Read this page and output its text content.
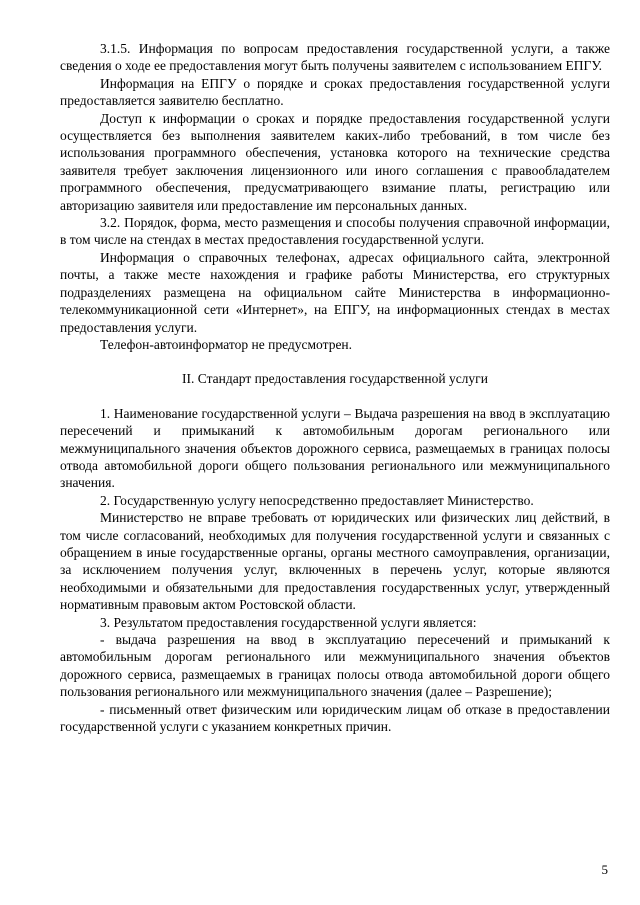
3.1.5. Информация по вопросам предоставления государственной услуги, а также сведения о ходе ее предоставления могут быть получены заявителем с использованием ЕПГУ.

Информация на ЕПГУ о порядке и сроках предоставления государственной услуги предоставляется заявителю бесплатно.

Доступ к информации о сроках и порядке предоставления государственной услуги осуществляется без выполнения заявителем каких-либо требований, в том числе без использования программного обеспечения, установка которого на технические средства заявителя требует заключения лицензионного или иного соглашения с правообладателем программного обеспечения, предусматривающего взимание платы, регистрацию или авторизацию заявителя или предоставление им персональных данных.

3.2. Порядок, форма, место размещения и способы получения справочной информации, в том числе на стендах в местах предоставления государственной услуги.

Информация о справочных телефонах, адресах официального сайта, электронной почты, а также месте нахождения и графике работы Министерства, его структурных подразделениях размещена на официальном сайте Министерства в информационно-телекоммуникационной сети «Интернет», на ЕПГУ, на информационных стендах в местах предоставления услуги.

Телефон-автоинформатор не предусмотрен.

II. Стандарт предоставления государственной услуги

1. Наименование государственной услуги – Выдача разрешения на ввод в эксплуатацию пересечений и примыканий к автомобильным дорогам регионального или межмуниципального значения объектов дорожного сервиса, размещаемых в границах полосы отвода автомобильной дороги общего пользования регионального или межмуниципального значения.

2. Государственную услугу непосредственно предоставляет Министерство.

Министерство не вправе требовать от юридических или физических лиц действий, в том числе согласований, необходимых для получения государственной услуги и связанных с обращением в иные государственные органы, органы местного самоуправления, организации, за исключением получения услуг, включенных в перечень услуг, которые являются необходимыми и обязательными для предоставления государственных услуг, утвержденный нормативным правовым актом Ростовской области.

3. Результатом предоставления государственной услуги является:

- выдача разрешения на ввод в эксплуатацию пересечений и примыканий к автомобильным дорогам регионального или межмуниципального значения объектов дорожного сервиса, размещаемых в границах полосы отвода автомобильной дороги общего пользования регионального или межмуниципального значения (далее – Разрешение);

- письменный ответ физическим или юридическим лицам об отказе в предоставлении государственной услуги с указанием конкретных причин.

5
